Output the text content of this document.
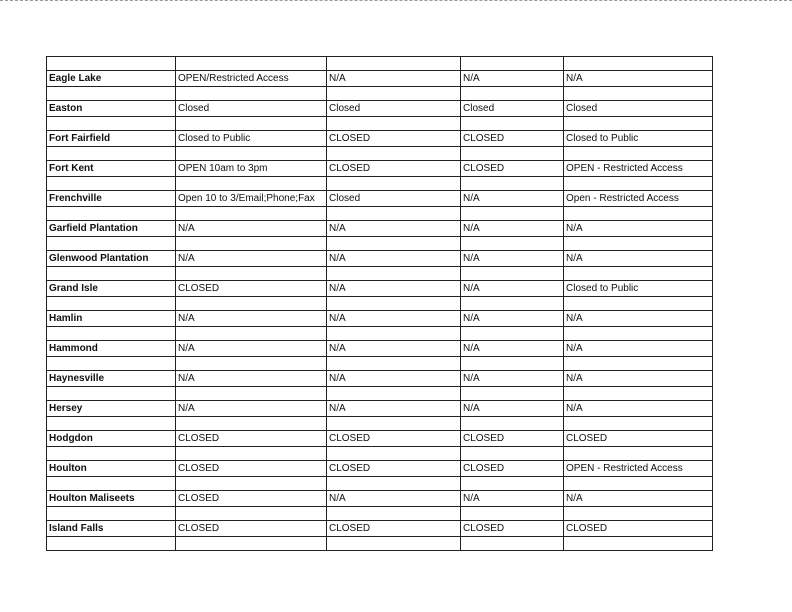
Eagle Lake	OPEN/Restricted Access	N/A	N/A	N/A

Easton	Closed	Closed	Closed	Closed

Fort Fairfield	Closed to Public	CLOSED	CLOSED	Closed to Public

Fort Kent	OPEN 10am to 3pm	CLOSED	CLOSED	OPEN - Restricted Access

Frenchville	Open 10 to 3/Email;Phone;Fax	Closed	N/A	Open - Restricted Access

Garfield Plantation	N/A	N/A	N/A	N/A

Glenwood Plantation	N/A	N/A	N/A	N/A

Grand Isle	CLOSED	N/A	N/A	Closed to Public

Hamlin	N/A	N/A	N/A	N/A

Hammond	N/A	N/A	N/A	N/A

Haynesville	N/A	N/A	N/A	N/A

Hersey	N/A	N/A	N/A	N/A

Hodgdon	CLOSED	CLOSED	CLOSED	CLOSED

Houlton	CLOSED	CLOSED	CLOSED	OPEN - Restricted Access

Houlton Maliseets	CLOSED	N/A	N/A	N/A

Island Falls	CLOSED	CLOSED	CLOSED	CLOSED
